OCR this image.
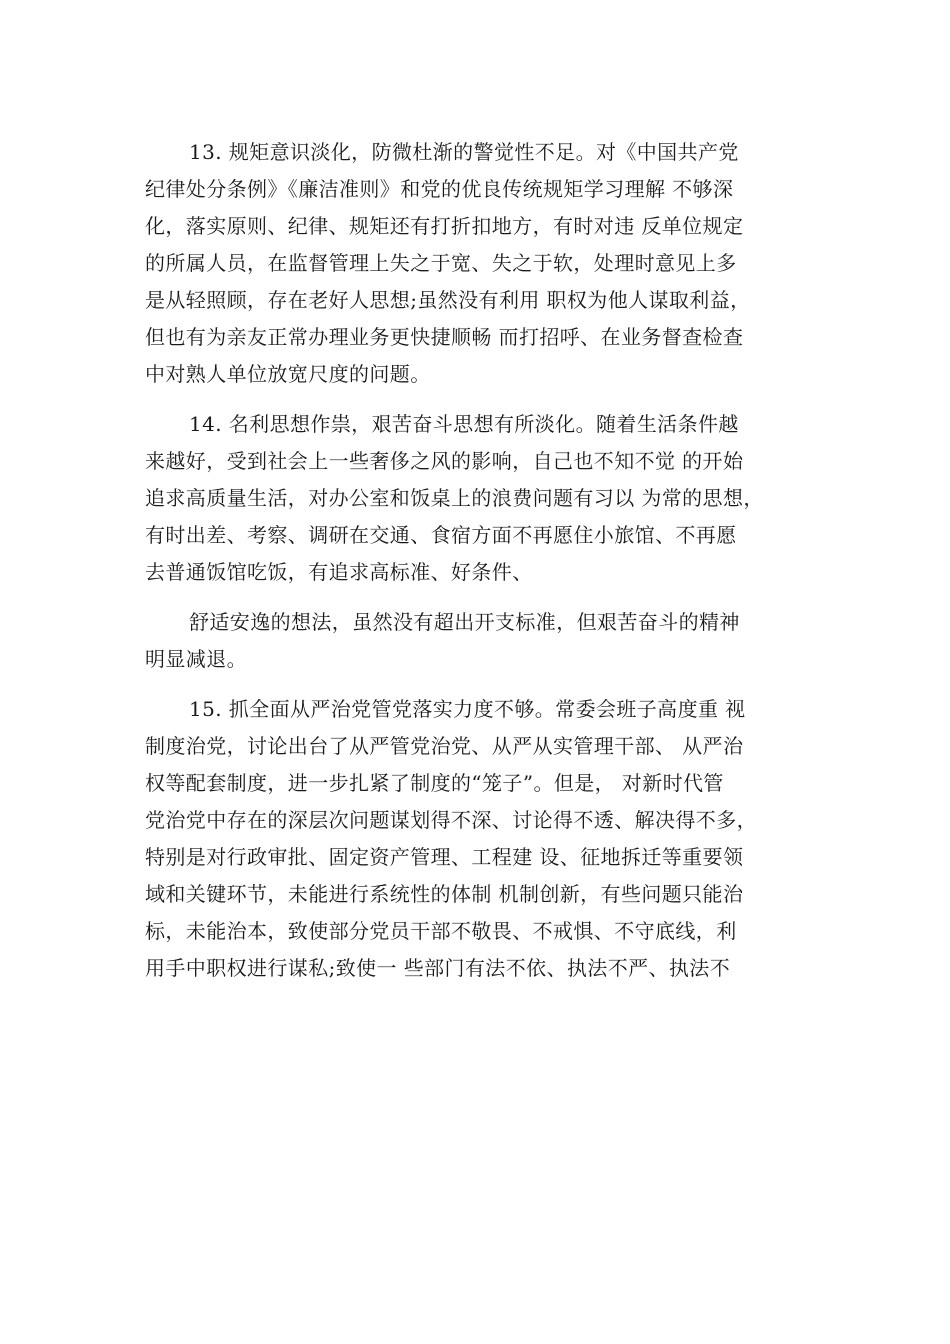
13. 规矩意识淡化，防微杜渐的警觉性不足。对《中国共产党
纪律处分条例》《廉洁准则》和党的优良传统规矩学习理解 不够深
化，落实原则、纪律、规矩还有打折扣地方，有时对违 反单位规定
的所属人员，在监督管理上失之于宽、失之于软，处理时意见上多
是从轻照顾，存在老好人思想;虽然没有利用 职权为他人谋取利益，
但也有为亲友正常办理业务更快捷顺畅 而打招呼、在业务督查检查
中对熟人单位放宽尺度的问题。
14. 名利思想作祟，艰苦奋斗思想有所淡化。随着生活条件越
来越好，受到社会上一些奢侈之风的影响，自己也不知不觉 的开始
追求高质量生活，对办公室和饭桌上的浪费问题有习以 为常的思想，
有时出差、考察、调研在交通、食宿方面不再愿住小旅馆、不再愿
去普通饭馆吃饭，有追求高标准、好条件、
舒适安逸的想法，虽然没有超出开支标准，但艰苦奋斗的精神
明显减退。
15. 抓全面从严治党管党落实力度不够。常委会班子高度重 视
制度治党，讨论出台了从严管党治党、从严从实管理干部、 从严治
权等配套制度，进一步扎紧了制度的“笼子”。但是， 对新时代管
党治党中存在的深层次问题谋划得不深、讨论得不透、解决得不多，
特别是对行政审批、固定资产管理、工程建 设、征地拆迁等重要领
域和关键环节，未能进行系统性的体制 机制创新，有些问题只能治
标，未能治本，致使部分党员干部不敬畏、不戒惧、不守底线，利
用手中职权进行谋私;致使一 些部门有法不依、执法不严、执法不
